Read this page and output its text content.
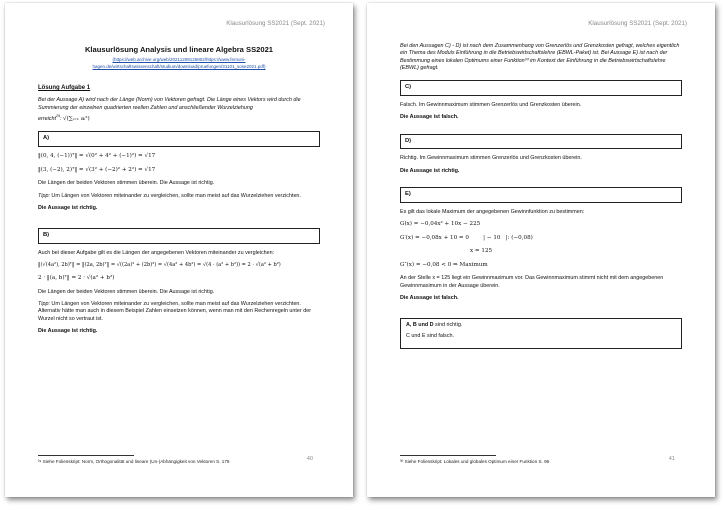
Klausurlösung SS2021 (Sept. 2021)
Klausurlösung Analysis und lineare Algebra SS2021
(https://web.archive.org/web/20211208125802/https://www.fernuni-hagen.de/wirtschaftswissenschaft/studium/download/pruefungen/31101_sose2021.pdf)
Lösung Aufgabe 1
Bei der Aussage A) wird nach der Länge (Norm) von Vektoren gefragt. Die Länge eines Vektors wird durch die Summierung der einzelnen quadrierten reellen Zahlen und anschließender Wurzelziehung
erreicht$^{29}$: √(∑ᵢ₌₁ aᵢ²)
A)
‖(0, 4, (−1))ᵀ‖ = √(0² + 4² + (−1)²) = √17
‖(3, (−2), 2)ᵀ‖ = √(3² + (−2)² + 2²) = √17

Die Längen der beiden Vektoren stimmen überein. Die Aussage ist richtig.

Tipp: Um Längen von Vektoren miteinander zu vergleichen, sollte man meist auf das Wurzelziehen verzichten.

Die Aussage ist richtig.
B)

Auch bei dieser Aufgabe gilt es die Längen der angegebenen Vektoren miteinander zu vergleichen:

‖(√(4a²), 2b)ᵀ‖ = ‖(2a, 2b)ᵀ‖ = √((2a)² + (2b)²) = √(4a² + 4b²) = √(4 · (a² + b²)) = 2 · √(a² + b²)
2 · ‖(a, b)ᵀ‖ = 2 · √(a² + b²)

Die Längen der beiden Vektoren stimmen überein. Die Aussage ist richtig.

Tipp: Um Längen von Vektoren miteinander zu vergleichen, sollte man meist auf das Wurzelziehen verzichten. Alternativ hätte man auch in diesem Beispiel Zahlen einsetzen können, wenn man mit den Rechenregeln unter der Wurzel nicht so vertraut ist.

Die Aussage ist richtig.
²⁹ Siehe Folienskript: Norm, Orthogonalität und lineare (Un-)Abhängigkeit von Vektoren S. 179	40
Klausurlösung SS2021 (Sept. 2021)
Bei den Aussagen C) - D) ist nach dem Zusammenhang von Grenzerlös und Grenzkosten gefragt, welches eigentlich ein Thema des Moduls Einführung in die Betriebswirtschaftslehre (EBWL-Paket) ist. Bei Aussage E) ist nach der Bestimmung eines lokalen Optimums einer Funktion³⁰ im Kontext der Einführung in die Betriebswirtschaftslehre (EBWL) gefragt.
C)

Falsch. Im Gewinnmaximum stimmen Grenzerlös und Grenzkosten überein.

Die Aussage ist falsch.
D)

Richtig. Im Gewinnmaximum stimmen Grenzerlös und Grenzkosten überein.

Die Aussage ist richtig.
E)

Es gilt das lokale Maximum der angegebenen Gewinnfunktion zu bestimmen:

G(x) = −0,04x² + 10x − 225
G′(x) = −0,08x + 10 = 0        | − 10   |: (−0,08)
x = 125
G″(x) = −0,08 < 0 ⇒ Maximum

An der Stelle x = 125 liegt ein Gewinnmaximum vor. Das Gewinnmaximum stimmt nicht mit dem angegebenen Gewinnmaximum in der Aussage überein.

Die Aussage ist falsch.

A, B und D sind richtig.

C und E sind falsch.

³⁰ Siehe Folienskript: Lokales und globales Optimum einer Funktion S. 96	41
